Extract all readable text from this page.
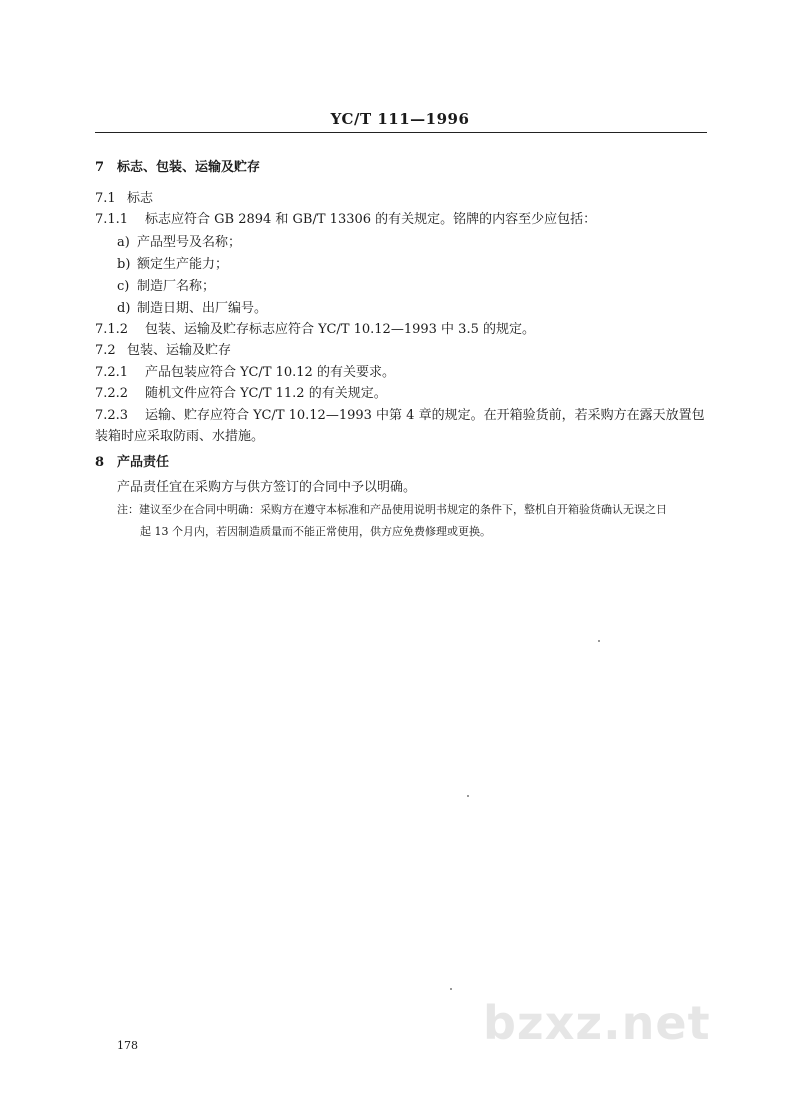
YC/T 111—1996
7 标志、包装、运输及贮存
7.1 标志
7.1.1 标志应符合 GB 2894 和 GB/T 13306 的有关规定。铭牌的内容至少应包括：
a) 产品型号及名称；
b) 额定生产能力；
c) 制造厂名称；
d) 制造日期、出厂编号。
7.1.2 包装、运输及贮存标志应符合 YC/T 10.12—1993 中 3.5 的规定。
7.2 包装、运输及贮存
7.2.1 产品包装应符合 YC/T 10.12 的有关要求。
7.2.2 随机文件应符合 YC/T 11.2 的有关规定。
7.2.3 运输、贮存应符合 YC/T 10.12—1993 中第 4 章的规定。在开箱验货前，若采购方在露天放置包
装箱时应采取防雨、水措施。
8 产品责任
产品责任宜在采购方与供方签订的合同中予以明确。
注：建议至少在合同中明确：采购方在遵守本标准和产品使用说明书规定的条件下，整机自开箱验货确认无误之日
起 13 个月内，若因制造质量而不能正常使用，供方应免费修理或更换。
bzxz.net
178
